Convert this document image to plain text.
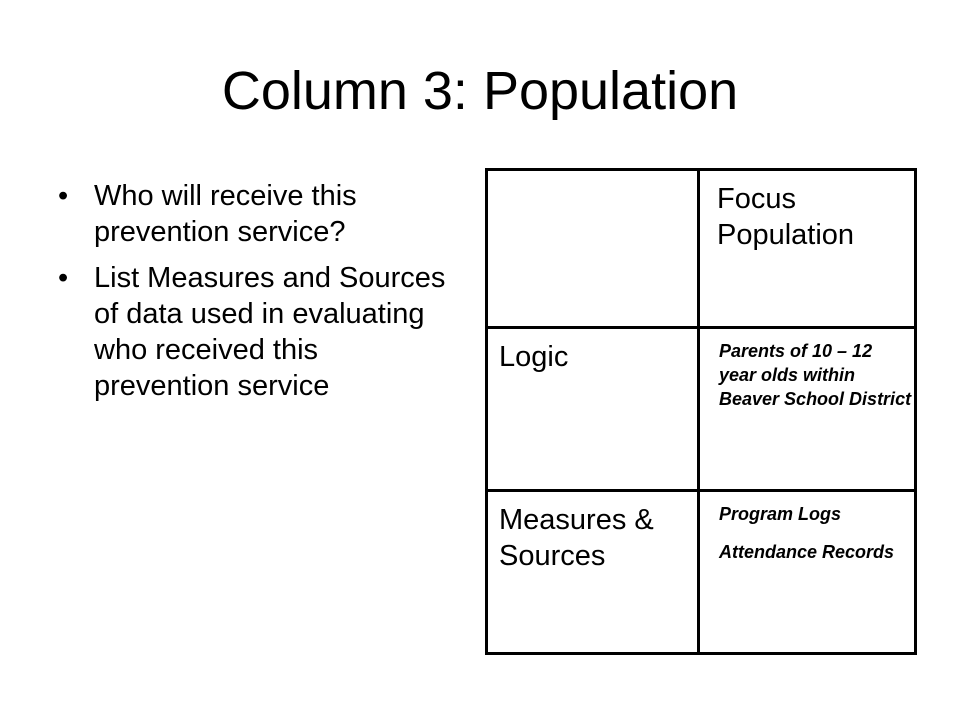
Column 3: Population
• Who will receive this prevention service?
• List Measures and Sources of data used in evaluating who received this prevention service

	Focus Population

Logic	Parents of 10 – 12 year olds within Beaver School District

Measures & Sources	Program Logs
Attendance Records
